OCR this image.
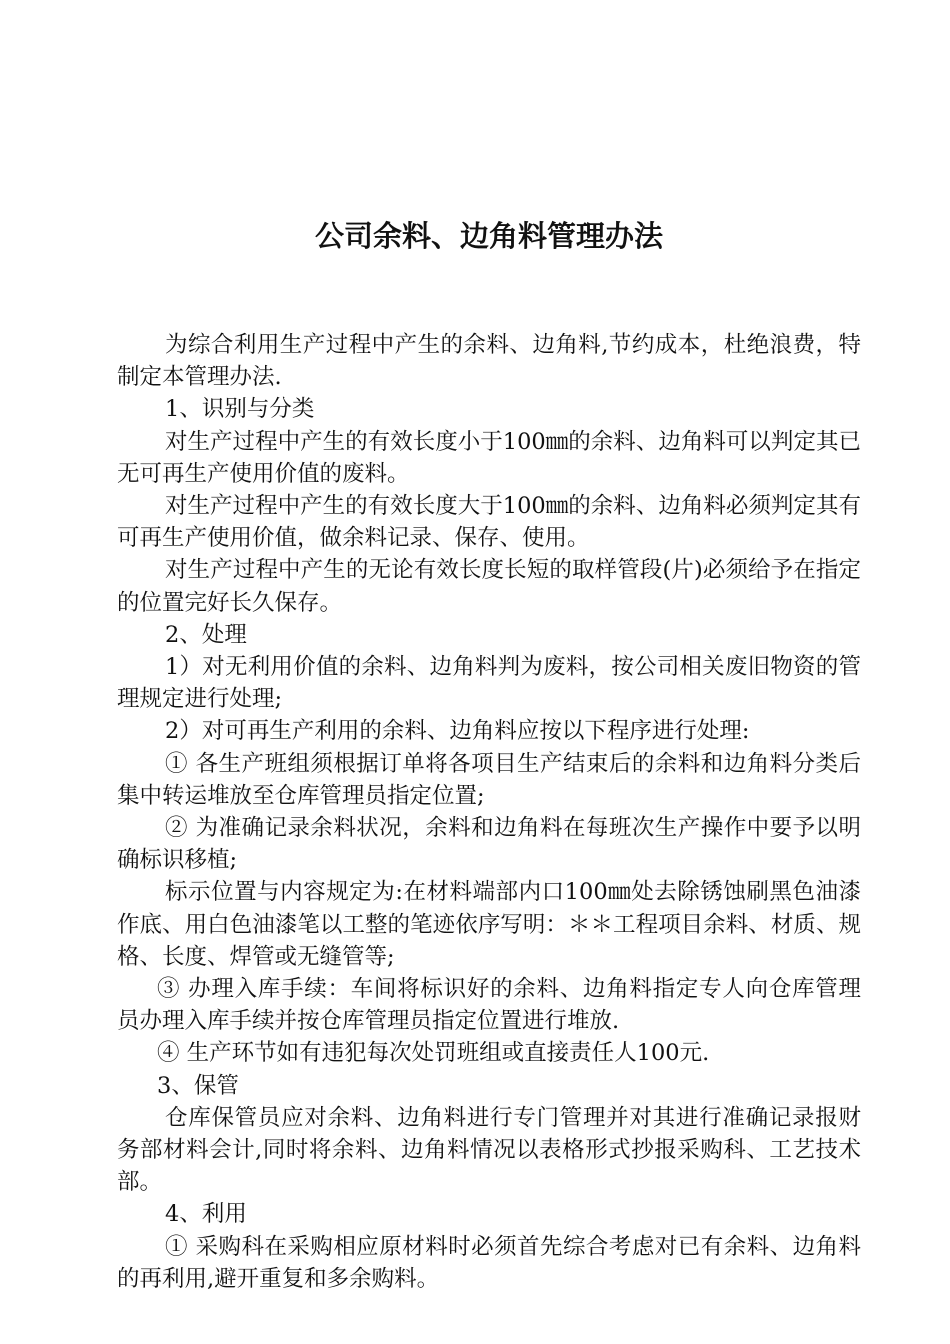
公司余料、边角料管理办法

为综合利用生产过程中产生的余料、边角料,节约成本，杜绝浪费，特制定本管理办法.

1、识别与分类

对生产过程中产生的有效长度小于100㎜的余料、边角料可以判定其已无可再生产使用价值的废料。

对生产过程中产生的有效长度大于100㎜的余料、边角料必须判定其有可再生产使用价值，做余料记录、保存、使用。

对生产过程中产生的无论有效长度长短的取样管段(片)必须给予在指定的位置完好长久保存。

2、处理

1）对无利用价值的余料、边角料判为废料，按公司相关废旧物资的管理规定进行处理;

2）对可再生产利用的余料、边角料应按以下程序进行处理:

① 各生产班组须根据订单将各项目生产结束后的余料和边角料分类后集中转运堆放至仓库管理员指定位置;

② 为准确记录余料状况，余料和边角料在每班次生产操作中要予以明确标识移植;

标示位置与内容规定为:在材料端部内口100㎜处去除锈蚀刷黑色油漆作底、用白色油漆笔以工整的笔迹依序写明：＊＊工程项目余料、材质、规格、长度、焊管或无缝管等;

③ 办理入库手续：车间将标识好的余料、边角料指定专人向仓库管理员办理入库手续并按仓库管理员指定位置进行堆放.

④ 生产环节如有违犯每次处罚班组或直接责任人100元.

3、保管

仓库保管员应对余料、边角料进行专门管理并对其进行准确记录报财务部材料会计,同时将余料、边角料情况以表格形式抄报采购科、工艺技术部。

4、利用

① 采购科在采购相应原材料时必须首先综合考虑对已有余料、边角料的再利用,避开重复和多余购料。
